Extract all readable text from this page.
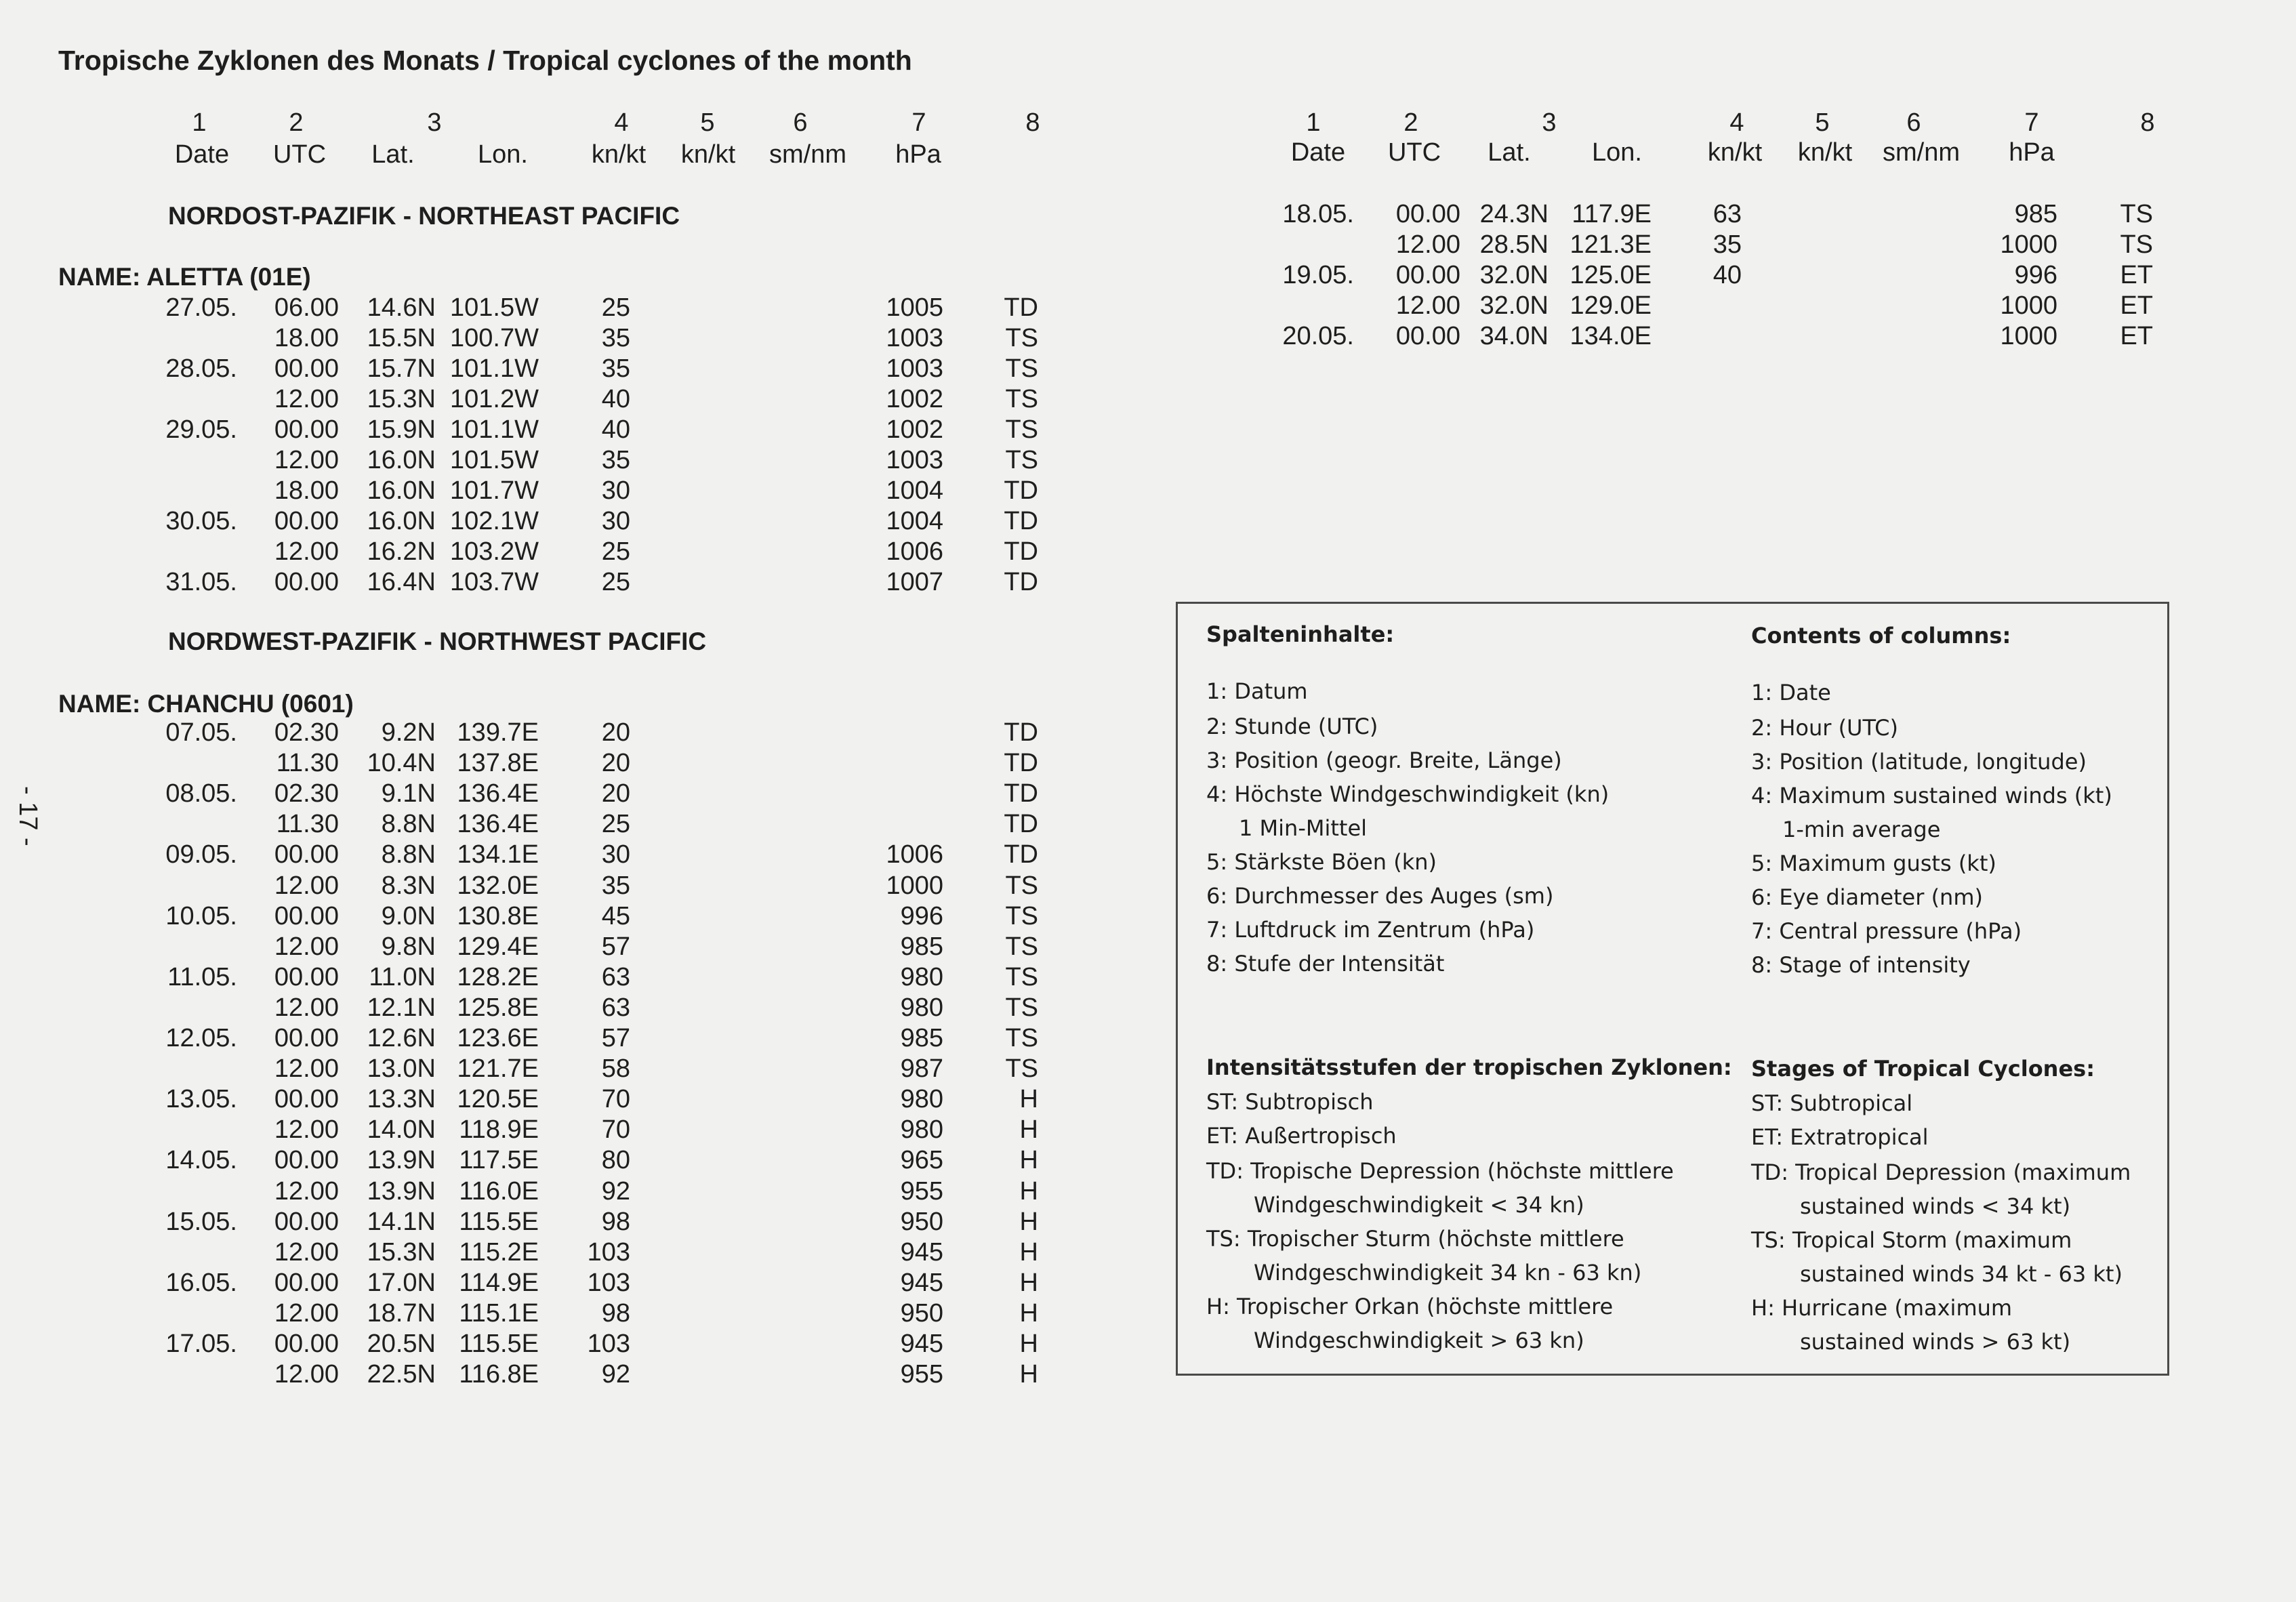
Tropische Zyklonen des Monats / Tropical cyclones of the month
- 17 -
1	2	3	4	5	6	7	8
Date	UTC	Lat.	Lon.	kn/kt	kn/kt	sm/nm	hPa
1	2	3	4	5	6	7	8
Date	UTC	Lat.	Lon.	kn/kt	kn/kt	sm/nm	hPa
NORDOST-PAZIFIK - NORTHEAST PACIFIC
NAME: ALETTA (01E)
NORDWEST-PAZIFIK - NORTHWEST PACIFIC
NAME: CHANCHU (0601)
27.05. 06.00 14.6N 101.5W 25	1005 TD
18.00 15.5N 100.7W 35	1003 TS
28.05. 00.00 15.7N 101.1W 35	1003 TS
12.00 15.3N 101.2W 40	1002 TS
29.05. 00.00 15.9N 101.1W 40	1002 TS
12.00 16.0N 101.5W 35	1003 TS
18.00 16.0N 101.7W 30	1004 TD
30.05. 00.00 16.0N 102.1W 30	1004 TD
12.00 16.2N 103.2W 25	1006 TD
31.05. 00.00 16.4N 103.7W 25	1007 TD
07.05. 02.30 9.2N 139.7E 20	TD
11.30 10.4N 137.8E 20	TD
08.05. 02.30 9.1N 136.4E 20	TD
11.30 8.8N 136.4E 25	TD
09.05. 00.00 8.8N 134.1E 30	1006 TD
12.00 8.3N 132.0E 35	1000 TS
10.05. 00.00 9.0N 130.8E 45	996 TS
12.00 9.8N 129.4E 57	985 TS
11.05. 00.00 11.0N 128.2E 63	980 TS
12.00 12.1N 125.8E 63	980 TS
12.05. 00.00 12.6N 123.6E 57	985 TS
12.00 13.0N 121.7E 58	987 TS
13.05. 00.00 13.3N 120.5E 70	980	H
12.00 14.0N 118.9E 70	980	H
14.05. 00.00 13.9N 117.5E 80	965	H
12.00 13.9N 116.0E 92	955	H
15.05. 00.00 14.1N 115.5E 98	950	H
12.00 15.3N 115.2E 103	945	H
16.05. 00.00 17.0N 114.9E 103	945	H
12.00 18.7N 115.1E 98	950	H
17.05. 00.00 20.5N 115.5E 103	945	H
12.00 22.5N 116.8E 92	955	H
18.05. 00.00 24.3N 117.9E 63	985 TS
12.00 28.5N 121.3E 35	1000 TS
19.05. 00.00 32.0N 125.0E 40	996 ET
12.00 32.0N 129.0E	1000 ET
20.05. 00.00 34.0N 134.0E	1000 ET
Spalteninhalte:	Contents of columns:
1: Datum
2: Stunde (UTC)
3: Position (geogr. Breite, Länge)
4: Höchste Windgeschwindigkeit (kn)
1 Min-Mittel
5: Stärkste Böen (kn)
6: Durchmesser des Auges (sm)
7: Luftdruck im Zentrum (hPa)
8: Stufe der Intensität
1: Date
2: Hour (UTC)
3: Position (latitude, longitude)
4: Maximum sustained winds (kt)
1-min average
5: Maximum gusts (kt)
6: Eye diameter (nm)
7: Central pressure (hPa)
8: Stage of intensity
Intensitätsstufen der tropischen Zyklonen: Stages of Tropical Cyclones:
ST: Subtropisch
ET: Außertropisch
TD: Tropische Depression (höchste mittlere
Windgeschwindigkeit < 34 kn)
TS: Tropischer Sturm (höchste mittlere
Windgeschwindigkeit 34 kn - 63 kn)
H: Tropischer Orkan (höchste mittlere
Windgeschwindigkeit > 63 kn)
ST: Subtropical
ET: Extratropical
TD: Tropical Depression (maximum
sustained winds < 34 kt)
TS: Tropical Storm (maximum
sustained winds 34 kt - 63 kt)
H: Hurricane (maximum
sustained winds > 63 kt)
